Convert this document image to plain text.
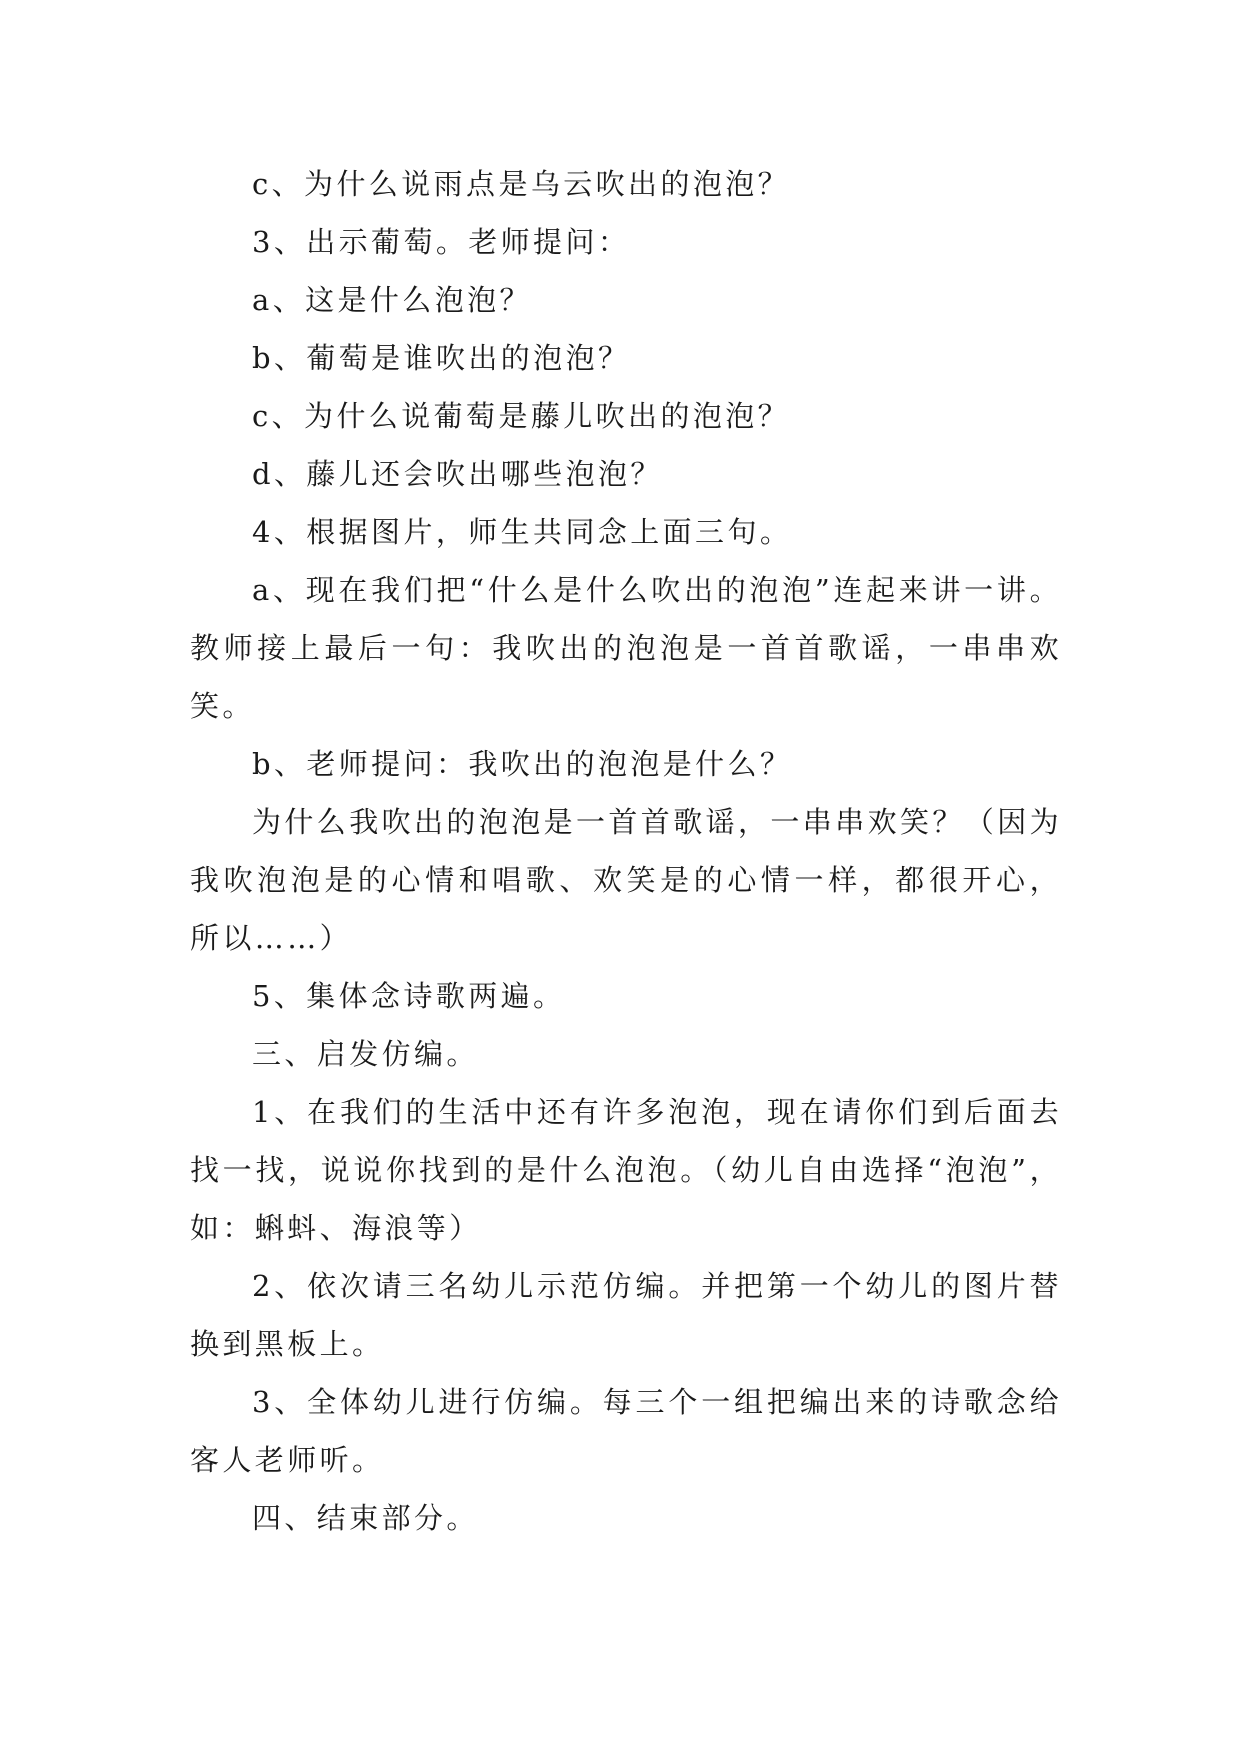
c、为什么说雨点是乌云吹出的泡泡？

3、出示葡萄。老师提问：

a、这是什么泡泡？

b、葡萄是谁吹出的泡泡？

c、为什么说葡萄是藤儿吹出的泡泡？

d、藤儿还会吹出哪些泡泡？

4、根据图片，师生共同念上面三句。

a、现在我们把“什么是什么吹出的泡泡”连起来讲一讲。教师接上最后一句：我吹出的泡泡是一首首歌谣，一串串欢笑。

b、老师提问：我吹出的泡泡是什么？

为什么我吹出的泡泡是一首首歌谣，一串串欢笑？（因为我吹泡泡是的心情和唱歌、欢笑是的心情一样，都很开心，所以……）

5、集体念诗歌两遍。

三、启发仿编。

1、在我们的生活中还有许多泡泡，现在请你们到后面去找一找，说说你找到的是什么泡泡。（幼儿自由选择“泡泡”，如：蝌蚪、海浪等）

2、依次请三名幼儿示范仿编。并把第一个幼儿的图片替换到黑板上。

3、全体幼儿进行仿编。每三个一组把编出来的诗歌念给客人老师听。

四、结束部分。
